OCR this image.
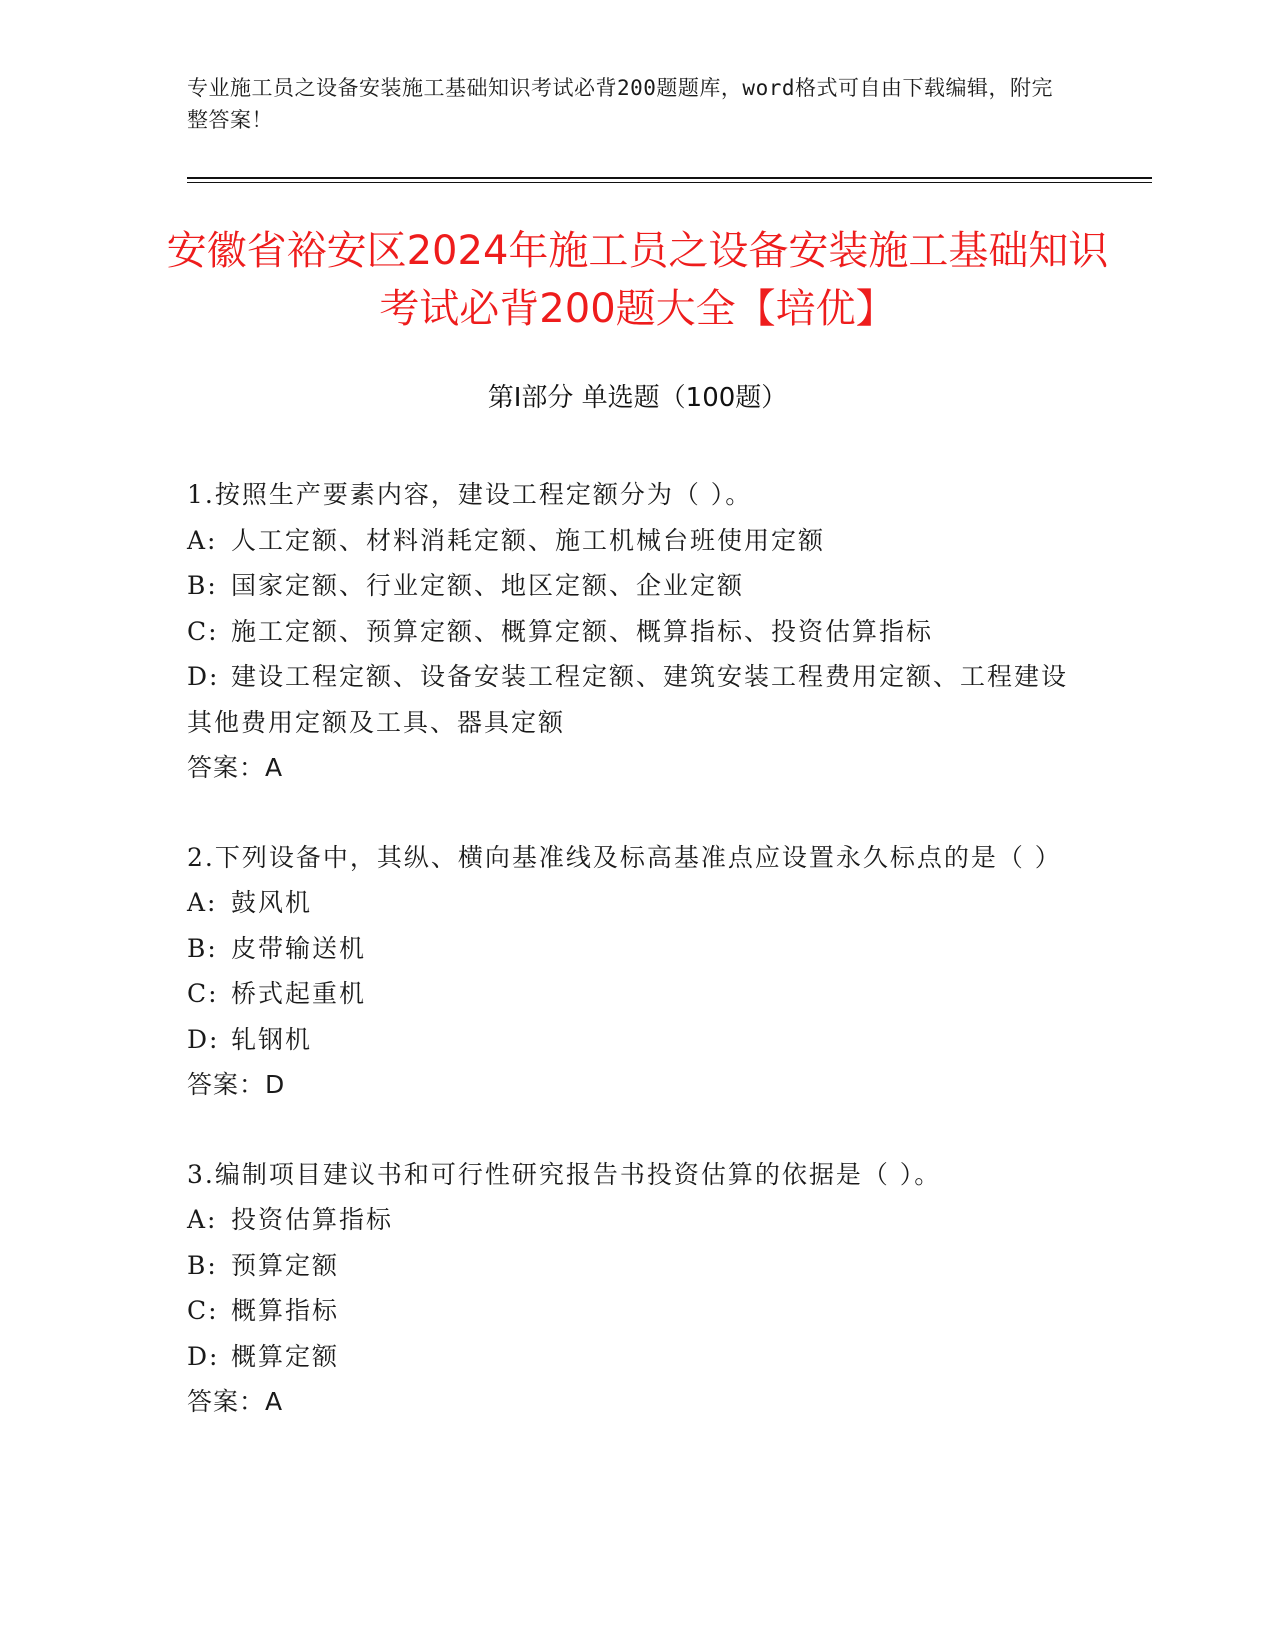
专业施工员之设备安装施工基础知识考试必背200题题库，word格式可自由下载编辑，附完整答案！
安徽省裕安区2024年施工员之设备安装施工基础知识考试必背200题大全【培优】
第Ⅰ部分 单选题（100题）
1.按照生产要素内容，建设工程定额分为（ ）。
A: 人工定额、材料消耗定额、施工机械台班使用定额
B: 国家定额、行业定额、地区定额、企业定额
C: 施工定额、预算定额、概算定额、概算指标、投资估算指标
D: 建设工程定额、设备安装工程定额、建筑安装工程费用定额、工程建设其他费用定额及工具、器具定额
答案：A
2.下列设备中，其纵、横向基准线及标高基准点应设置永久标点的是（ ）
A: 鼓风机
B: 皮带输送机
C: 桥式起重机
D: 轧钢机
答案：D
3.编制项目建议书和可行性研究报告书投资估算的依据是（ ）。
A: 投资估算指标
B: 预算定额
C: 概算指标
D: 概算定额
答案：A
